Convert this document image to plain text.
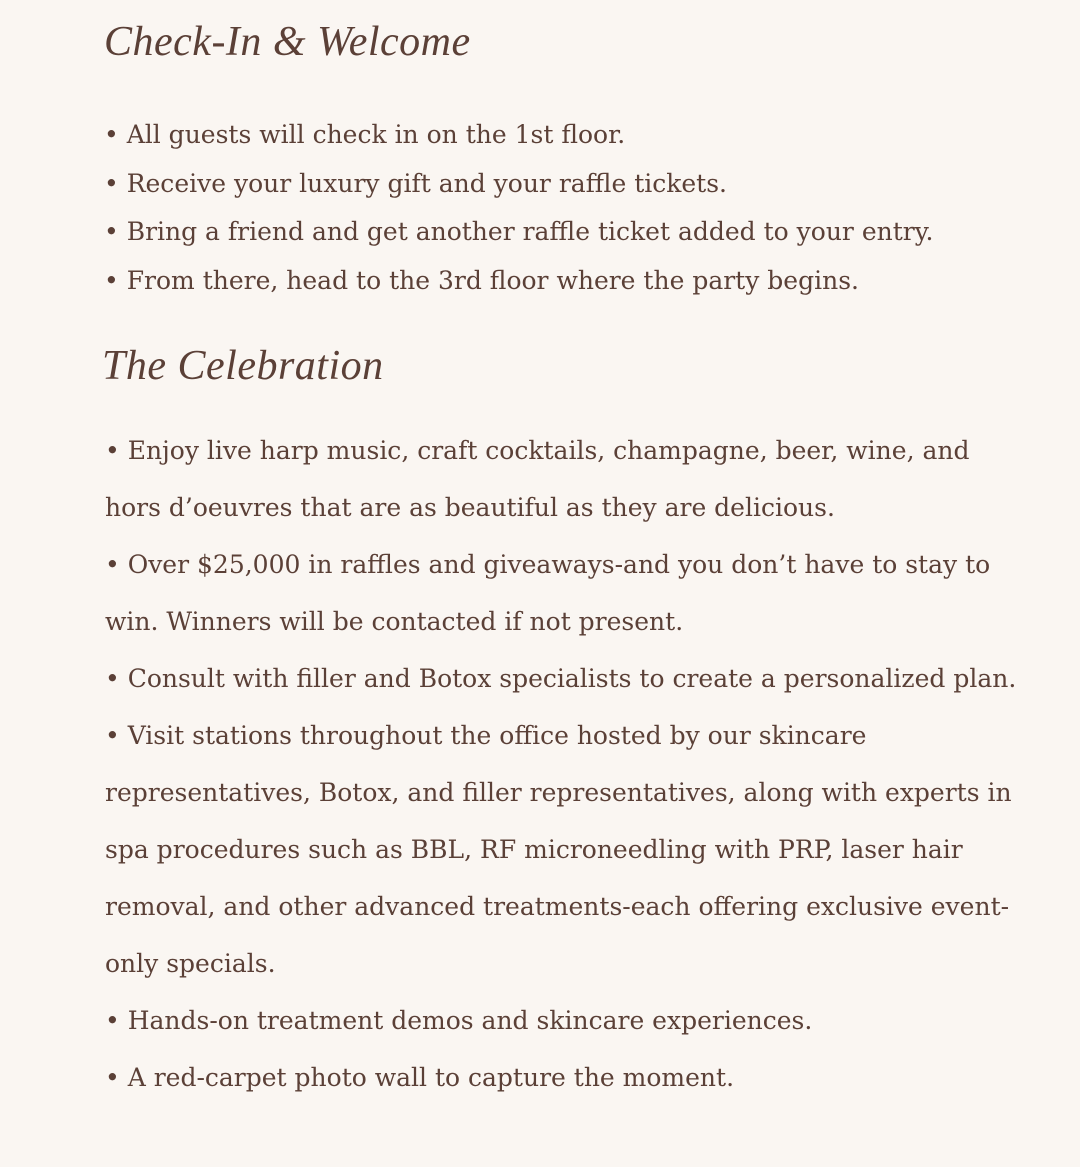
Check-In & Welcome
• All guests will check in on the 1st floor.
• Receive your luxury gift and your raffle tickets.
• Bring a friend and get another raffle ticket added to your entry.
• From there, head to the 3rd floor where the party begins.
The Celebration
• Enjoy live harp music, craft cocktails, champagne, beer, wine, and hors d’oeuvres that are as beautiful as they are delicious.
• Over $25,000 in raffles and giveaways-and you don’t have to stay to win. Winners will be contacted if not present.
• Consult with filler and Botox specialists to create a personalized plan.
• Visit stations throughout the office hosted by our skincare representatives, Botox, and filler representatives, along with experts in spa procedures such as BBL, RF microneedling with PRP, laser hair removal, and other advanced treatments-each offering exclusive event-only specials.
• Hands-on treatment demos and skincare experiences.
• A red-carpet photo wall to capture the moment.
